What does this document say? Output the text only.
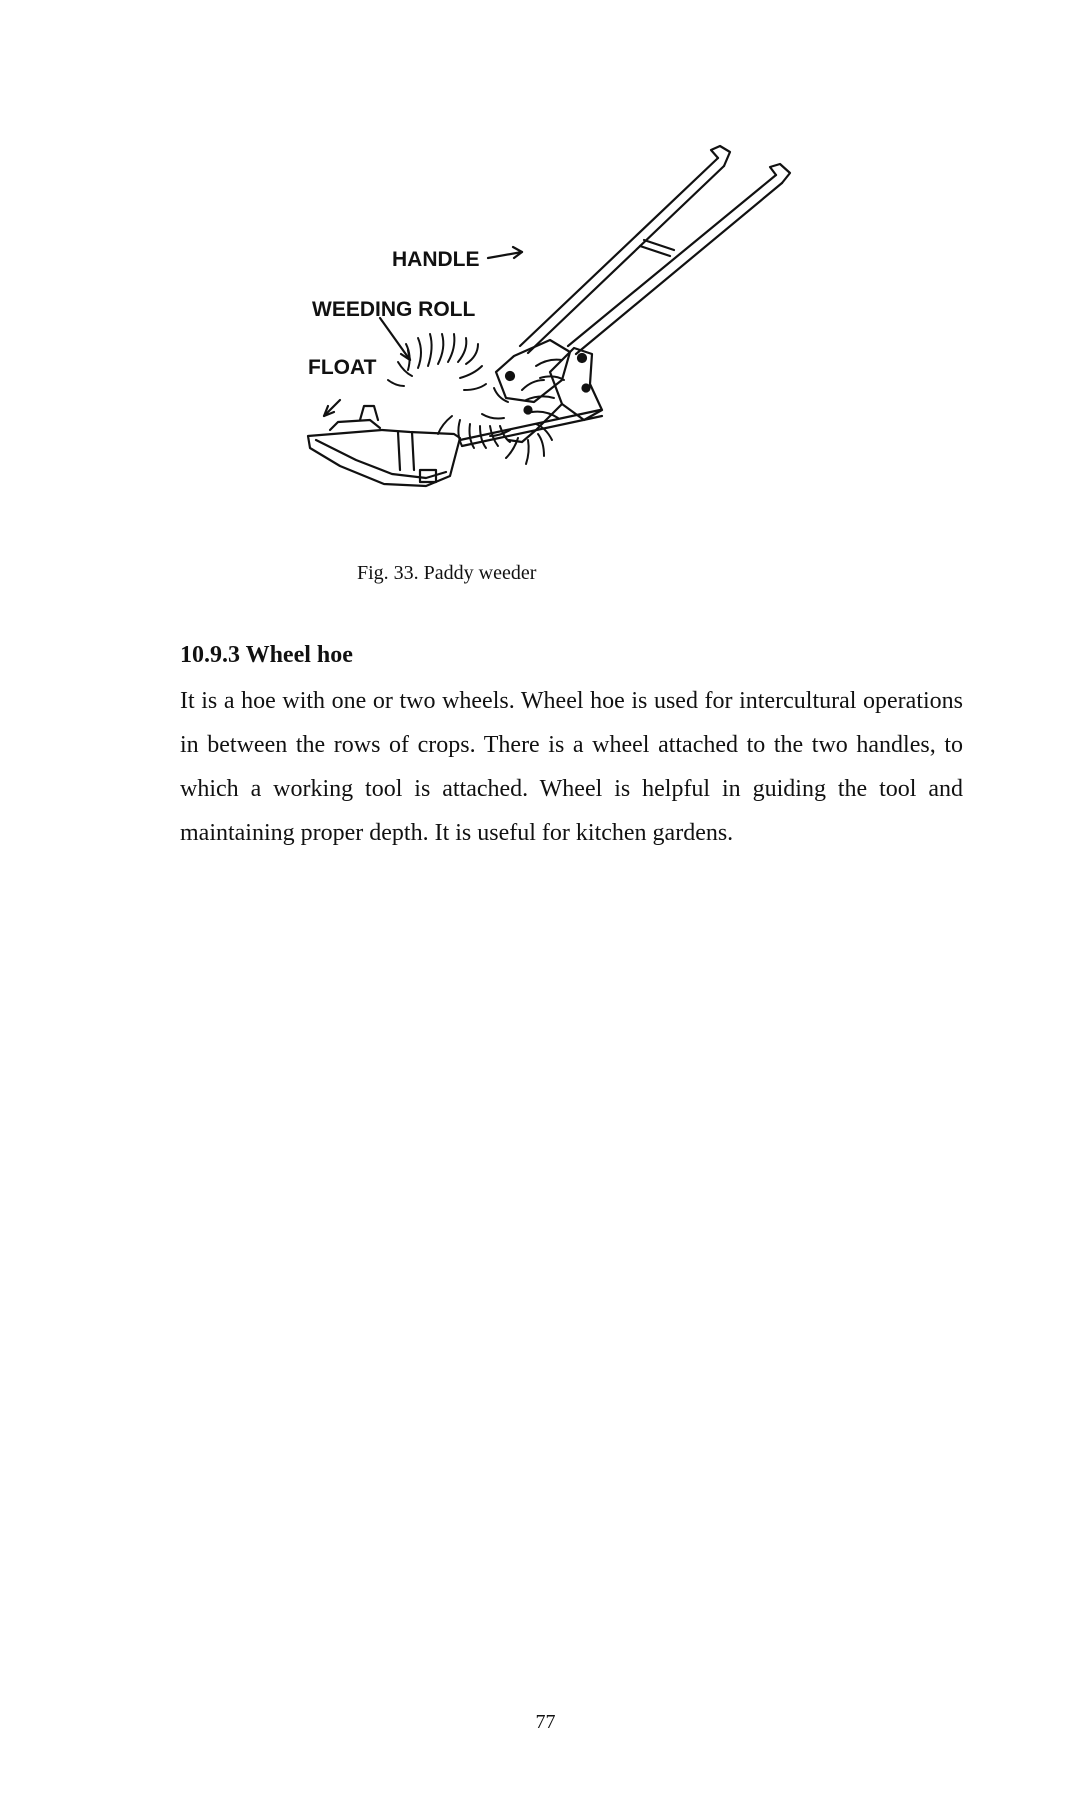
HANDLE
WEEDING ROLL
FLOAT
Fig. 33. Paddy weeder
10.9.3 Wheel hoe

It is a hoe with one or two wheels. Wheel hoe is used for intercultural operations in between the rows of crops. There is a wheel attached to the two handles, to which a working tool is attached. Wheel is helpful in guiding the tool and maintaining proper depth. It is useful for kitchen gardens.

77
